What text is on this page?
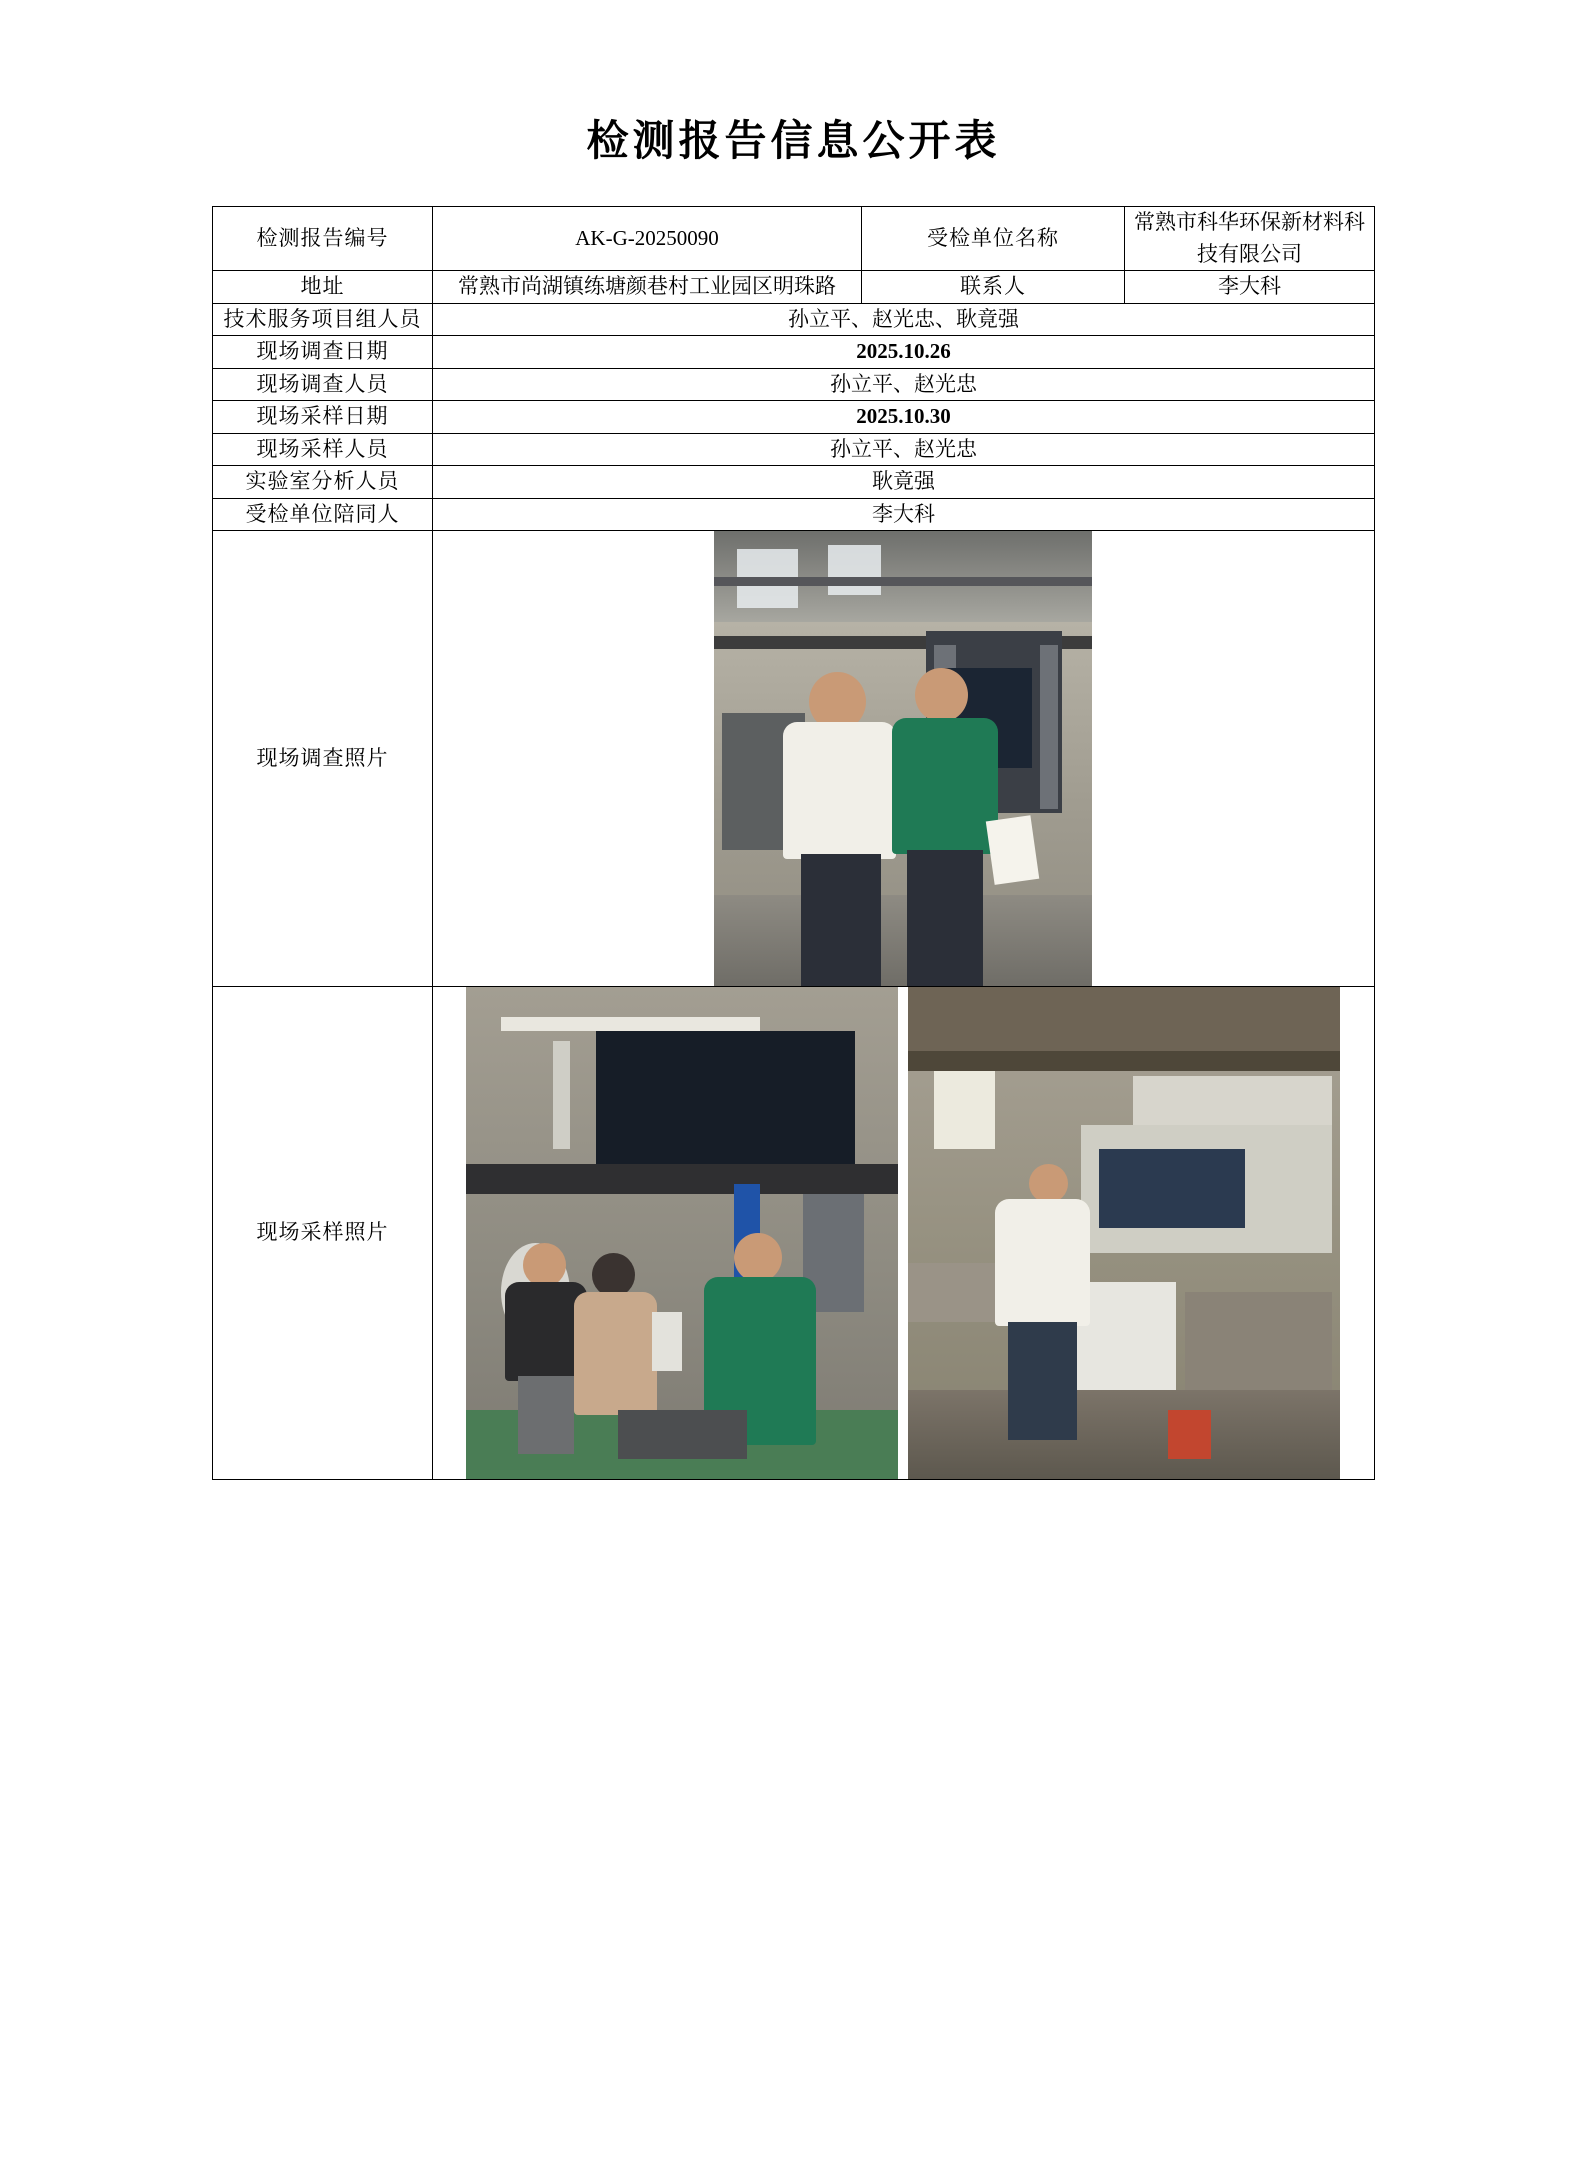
检测报告信息公开表
检测报告编号	AK-G-20250090	受检单位名称	常熟市科华环保新材料科技有限公司
地址	常熟市尚湖镇练塘颜巷村工业园区明珠路	联系人	李大科
技术服务项目组人员	孙立平、赵光忠、耿竟强		
现场调查日期	2025.10.26		
现场调查人员	孙立平、赵光忠		
现场采样日期	2025.10.30		
现场采样人员	孙立平、赵光忠		
实验室分析人员	耿竟强		
受检单位陪同人	李大科		
现场调查照片			

现场采样照片			
